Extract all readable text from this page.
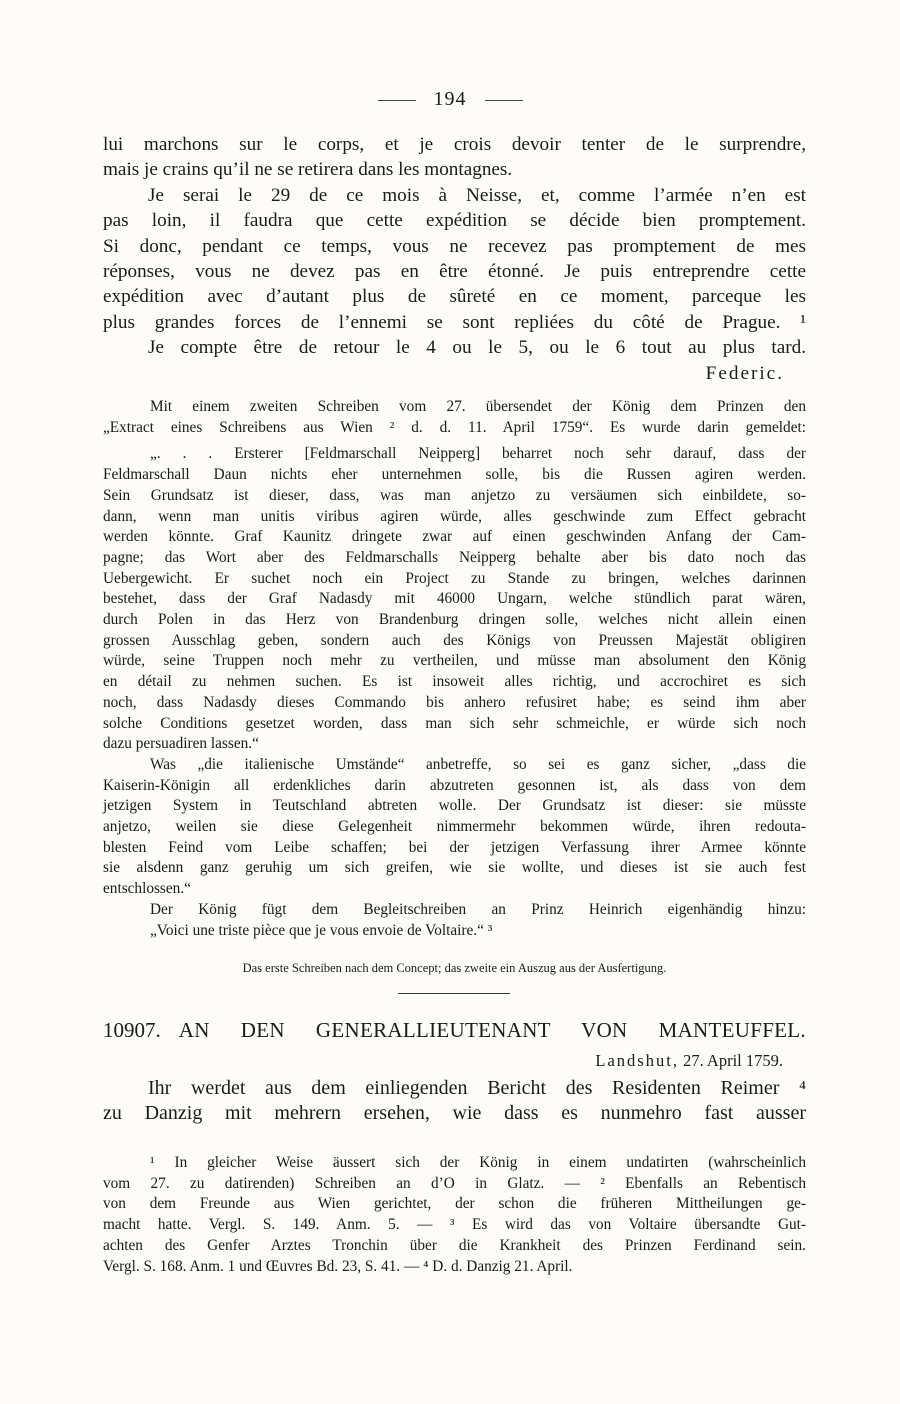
194
lui marchons sur le corps, et je crois devoir tenter de le surprendre,
mais je crains qu’il ne se retirera dans les montagnes.
Je serai le 29 de ce mois à Neisse, et, comme l’armée n’en est
pas loin, il faudra que cette expédition se décide bien promptement.
Si donc, pendant ce temps, vous ne recevez pas promptement de mes
réponses, vous ne devez pas en être étonné. Je puis entreprendre cette
expédition avec d’autant plus de sûreté en ce moment, parceque les
plus grandes forces de l’ennemi se sont repliées du côté de Prague. ¹
Je compte être de retour le 4 ou le 5, ou le 6 tout au plus tard.
Federic.
Mit einem zweiten Schreiben vom 27. übersendet der König dem Prinzen den
„Extract eines Schreibens aus Wien ² d. d. 11. April 1759“. Es wurde darin gemeldet:
„. . . Ersterer [Feldmarschall Neipperg] beharret noch sehr darauf, dass der
Feldmarschall Daun nichts eher unternehmen solle, bis die Russen agiren werden.
Sein Grundsatz ist dieser, dass, was man anjetzo zu versäumen sich einbildete, so-
dann, wenn man unitis viribus agiren würde, alles geschwinde zum Effect gebracht
werden könnte. Graf Kaunitz dringete zwar auf einen geschwinden Anfang der Cam-
pagne; das Wort aber des Feldmarschalls Neipperg behalte aber bis dato noch das
Uebergewicht. Er suchet noch ein Project zu Stande zu bringen, welches darinnen
bestehet, dass der Graf Nadasdy mit 46000 Ungarn, welche stündlich parat wären,
durch Polen in das Herz von Brandenburg dringen solle, welches nicht allein einen
grossen Ausschlag geben, sondern auch des Königs von Preussen Majestät obligiren
würde, seine Truppen noch mehr zu vertheilen, und müsse man absolument den König
en détail zu nehmen suchen. Es ist insoweit alles richtig, und accrochiret es sich
noch, dass Nadasdy dieses Commando bis anhero refusiret habe; es seind ihm aber
solche Conditions gesetzet worden, dass man sich sehr schmeichle, er würde sich noch
dazu persuadiren lassen.“
Was „die italienische Umstände“ anbetreffe, so sei es ganz sicher, „dass die
Kaiserin-Königin all erdenkliches darin abzutreten gesonnen ist, als dass von dem
jetzigen System in Teutschland abtreten wolle. Der Grundsatz ist dieser: sie müsste
anjetzo, weilen sie diese Gelegenheit nimmermehr bekommen würde, ihren redouta-
blesten Feind vom Leibe schaffen; bei der jetzigen Verfassung ihrer Armee könnte
sie alsdenn ganz geruhig um sich greifen, wie sie wollte, und dieses ist sie auch fest
entschlossen.“
Der König fügt dem Begleitschreiben an Prinz Heinrich eigenhändig hinzu:
„Voici une triste pièce que je vous envoie de Voltaire.“ ³
Das erste Schreiben nach dem Concept; das zweite ein Auszug aus der Ausfertigung.
10907. AN DEN GENERALLIEUTENANT VON MANTEUFFEL.
Landshut, 27. April 1759.
Ihr werdet aus dem einliegenden Bericht des Residenten Reimer ⁴
zu Danzig mit mehrern ersehen, wie dass es nunmehro fast ausser
¹ In gleicher Weise äussert sich der König in einem undatirten (wahrscheinlich
vom 27. zu datirenden) Schreiben an d’O in Glatz. — ² Ebenfalls an Rebentisch
von dem Freunde aus Wien gerichtet, der schon die früheren Mittheilungen ge-
macht hatte. Vergl. S. 149. Anm. 5. — ³ Es wird das von Voltaire übersandte Gut-
achten des Genfer Arztes Tronchin über die Krankheit des Prinzen Ferdinand sein.
Vergl. S. 168. Anm. 1 und Œuvres Bd. 23, S. 41. — ⁴ D. d. Danzig 21. April.
